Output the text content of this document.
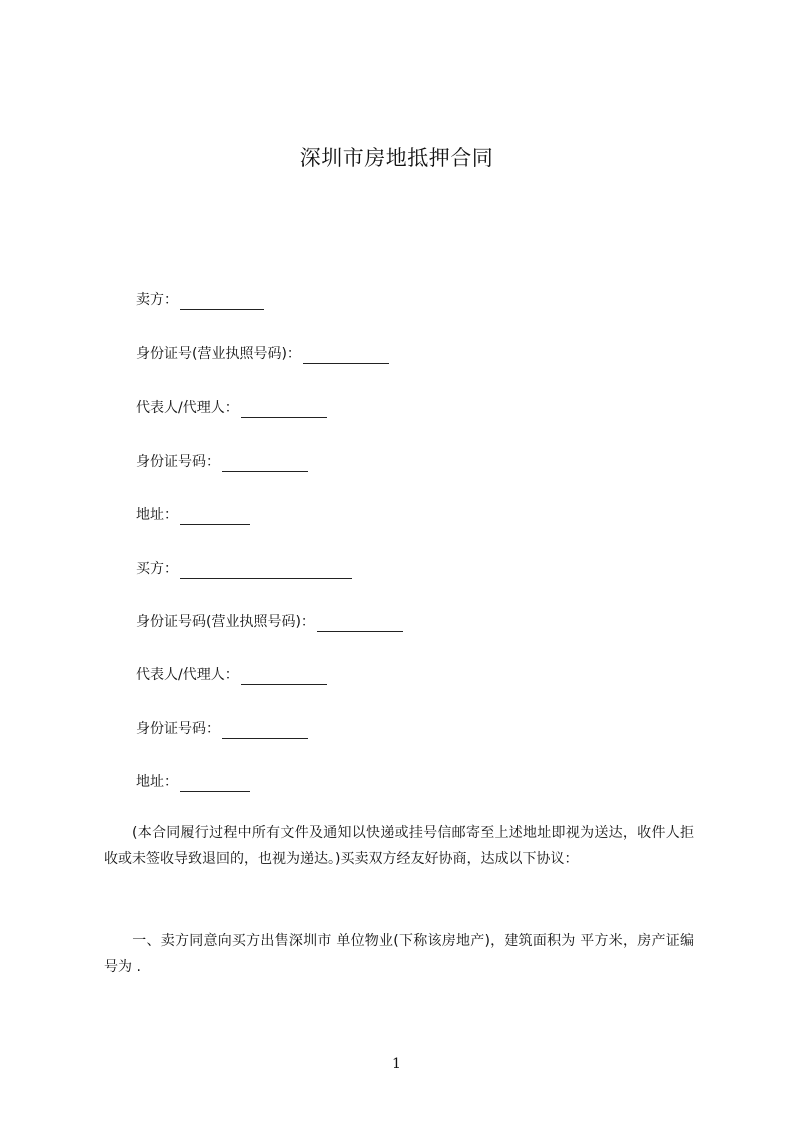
深圳市房地抵押合同
卖方：
身份证号(营业执照号码)：
代表人/代理人：
身份证号码：
地址：
买方：
身份证号码(营业执照号码)：
代表人/代理人：
身份证号码：
地址：
(本合同履行过程中所有文件及通知以快递或挂号信邮寄至上述地址即视为送达，收件人拒收或未签收导致退回的，也视为递达。)买卖双方经友好协商，达成以下协议：
一、卖方同意向买方出售深圳市 单位物业(下称该房地产)，建筑面积为 平方米，房产证编号为 .
1
